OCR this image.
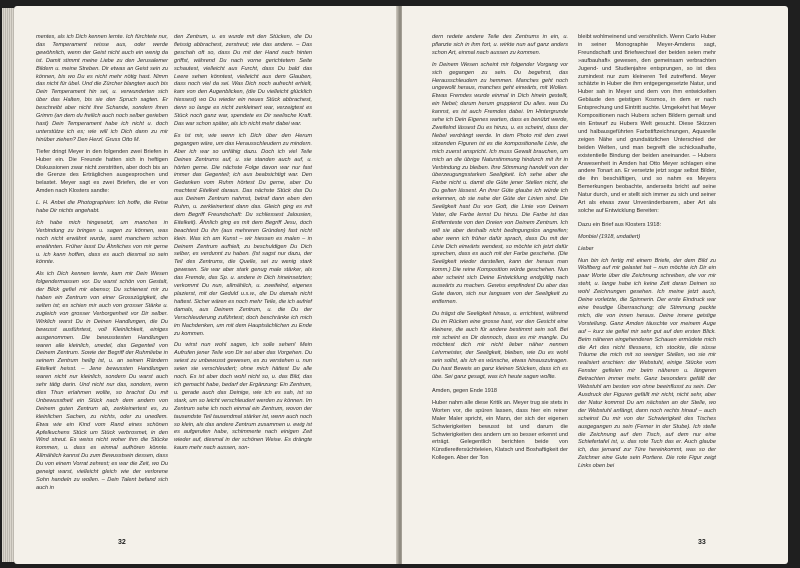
mentes, als ich Dich kennen lernte. Ich fürchtete nur, das Temperament reisse aus, oder werde gewöhnlich, wenn der Geist nicht auch ein wenig da ist. Damit stimmt meine Liebe zu den Jerusalemer Bildern u. meine Streben. Dir etwas an Geist sein zu können, bis wo Du es nicht mehr nötig hast. Nimm das nicht für übel. Und die Zürcher blangten auch bis Dein Temperament hin sei, u. verwunderten sich über das Halten, bis sie den Spruch sagten. Er beschreibt aber nicht ihre Schande, sondern ihren Grimm (an dem du freilich auch noch selber gerieben hast) Dein Temperament habe ich nicht u. doch unterstütze ich es; wie will ich Dich dann zu mir hinüber ziehen? Den Herzl. Gruss Otto M.

Tiefer dringt Meyer in den folgenden zwei Briefen in Huber ein. Die Freunde hatten sich in heftigen Diskussionen zwar nicht zerstritten, aber doch bis an die Grenze des Erträglichen ausgesprochen und belastet. Meyer sagt es zwei Briefen, die er von Amden nach Klosters sandte:

L. H. Anbei die Photographien: Ich hoffe, die Reise habe Dir nichts angehabt.

Ich habe mich hingesetzt, um manches in Verbindung zu bringen u. sagen zu können, was noch nicht erwähnt wurde, samt manchem schon erwähnten. Früher lasst Du Ähnliches von mir gerne u. ich kann hoffen, dass es auch diesmal so sein könnte.

Als ich Dich kennen lernte, kam mir Dein Wesen folgendermassen vor. Du warst schön von Gestalt, der Blick gefiel mir ebenso; Du schienest mir zu haben ein Zentrum von einer Grosszügigkeit, die selten ist; es schien mir auch von grosser Stärke u. zugleich von grosser Verborgenheit vor Dir selber. Wirklich warst Du in Deinen Handlungen, die Du bewusst ausführtest, voll Kleinlichkeit, einiges ausgenommen. Die bewusstesten Handlungen waren alle kleinlich, unedel, das Gegenteil von Deinem Zentrum. Sowie der Begriff der Ruhmliebe in seinem Zentrum heilig ist, u. an seinen Rändern Eitelkeit heisst. – Jene bewussten Handlungen waren nicht nur kleinlich, sondern Du warst auch sehr tätig darin. Und nicht nur das, sondern, wenn dies Thun erlahmen wollte, so brachst Du mit Unbewusstheit ein Stück nach dem andern von Deinem guten Zentrum ab, zerkleinertest es, zu kleinlichen Sachen, zu nichts, oder zu unedlem. Etwa wie ein Kind vom Rand eines schönen Apfelkuchens Stück um Stück verbrosmet, in den Wind streut. Es weiss nicht woher ihm die Stücke kommen, u. dass es einmal aufhören könnte. Allmählich kannst Du zum Bewusstsein dessen, dass Du von einem Vorrat zehrest; es war die Zeit, wo Du geneigt warst, vielleicht gleich wie der verlorene Sohn handeln zu wollen. – Dein Talent befand sich auch in

den Zentrum, u. es wurde mit den Stücken, die Du fleissig abbrachest, zerstreut; wie das andere. – Das geschah oft so, dass Du mit der Hand nach hinten griffst, während Du nach vorne gerichtetem Seite schautest, vielleicht aus Furcht, dass Du bald das Leere sehen könntest, vielleicht aus dem Glauben, dass noch viel da sei. Was Dich noch aufrecht erhielt, kam von den Augenblicken, (die Du vielleicht glücklich hiessest) wo Du wieder ein neues Stück abbrachest, denn so lange es nicht zerkleinert war, verzeigtest es Stück noch ganz war, spendete es Dir seelische Kraft. Das war schon später, als ich nicht mehr dabei war.

Es ist mir, wie wenn ich Dich über den Herum gegangen wäre, um das Herausschleudern zu mindern. Aber ich war so unfähig dazu. Doch ich viel Teile Deines Zentrums auf, u. sie standen auch auf, u. hörten gerne. Die nächste Folge davon war nur fast immer das Gegenteil; ich aus beabsichtigt war. Den Gedanken vom Ruhm hörtest Du gerne, aber Du machtest Eitelkeit daraus. Das nächste Stück das Du aus Deinem Zentrum nahmst, betraf dann eben den Ruhm, u. zerkleinertest dann das. Gleich ging es mit dem Begriff Freundschaft: Du schliessest Jalousien, Eitelkeit). Ähnlich ging es mit dem Begriff Jesu, doch beachtest Du ihn (aus mehreren Gründen) fast nicht klein. Was ich am Kunst – wir hiessen es malen – in Deinem Zentrum aufhielt, zu beschuldigen Du Dich selber, es verdunnt zu haben. (Ist sagst nur dazu, der Teil des Zentrums, die Quelle, sei zu wenig stark gewesen. Sie war aber stark genug male stärker, als das Fremde, das Sp. u. andere in Dich hineinsetzten; verkommt Du nun, allmählich, u. zweifelnd, eigenes plazierst, mit der Geduld u.s.w., die Du damals nicht hattest. Sicher wären es noch mehr Teile, die ich aufrief damals, aus Deinem Zentrum, u. die Du der Verschleuderung zuführtest; doch beschränke ich mich im Nachdenken, um mit dem Hauptsächlichen zu Ende zu kommen.

Du wirst nun wohl sagen, ich solle sehen! Mein Aufrufen jener Teile von Dir sei aber das Vorgehen. Du seiest zu unbewusst gewesen, es zu verstehen u. nun seien sie verschleudert; ohne mich hättest Du alle noch. Es ist aber doch wohl nicht so, u. das Bild, das ich gemacht habe, bedarf der Ergänzung: Ein Zentrum, u. gerade auch das Deinige, wie ich es sah, ist so stark, um so leicht verschleudert werden zu können. Im Zentrum sehe ich noch einmal ein Zentrum, wovon der tausendste Teil tausendmal stärker ist, wenn auch noch so klein, als das andere Zentrum zusammen u. ewig ist es aufgerufen habe, schimmerte nach einigen Zeit wieder auf, diesmal in der schönen Weise. Es drängte kaum mehr nach aussen, son-

32

dern redete andere Teile des Zentrums in ein, u. pflanzte sich in ihm fort, u. wirkte nun auf ganz anders schon Art, einmal nach aussen zu kommen.

In Deinem Wesen scheint mir folgender Vorgang vor sich gegangen zu sein. Du begehrst, das Herausschleudern zu hemmen. Manches geht noch ungewollt heraus, manches geht einwärts, mit Wollen. Etwas Fremdes wurde einmal in Dich hinein gestellt, ein Nebel; darum herum gruppierst Du alles. was Du kannst, es ist auch Fremdes dabei. Im Hintergrunde sehe ich Dein Eigenes warten, dass es benützt werde, Zweifelnd lässest Du es hinzu, u. es scheint, dass der Nebel verdrängt werde. In dem Photo mit den zwei sitzenden Figuren ist es die kompositionelle Linie, die mich zuerst anspricht. Ich muss Gewalt brauchen, um mich an die übrige Naturstimmung hindurch mit ihr in Verbindung zu bleiben. Ihre Stimmung handelt von der überzeugungsstarken Seeligkeit. Ich sehe aber die Farbe nicht u. damit die Güte jener Stellen nicht, die Du gelten lässest. An ihrer Güte glaube ich würde ich erkennen, ob sie nahe der Güte der Linien sind. Die Seeligkeit hast Du von Gott, die Linie von Deinem Vater, die Farbe lernst Du hinzu. Die Farbe ist das Entfernteste von den Dreien von Deinem Zentrum. Ich will sie aber deshalb nicht bedingungslos angreifen; aber wenn ich früher dafür sprach, dass Du mit der Linie Dich einwärts wendest, so möchte ich jetzt dafür sprechen, dass es auch mit der Farbe geschehe. (Die Seeligkeit wieder darstellen, kann der heraus man komm.) Die reine Komposition würde geschehen. Nun aber scheint sich Deine Entwicklung endgültig nach auswärts zu machen. Gewiss empfindest Du aber das Gute davon, sich nur langsam von der Seeligkeit zu entfernen.

Du trägst die Seeligkeit hinaus, u. errichtest, während Du im Rücken eine grosse hast, vor den Gesicht eine kleinere, die auch für andere bestimmt sein soll. Bei mir scheint es Dir dennoch, dass es mir mangle. Du möchtest dich mir nicht lieber näher nennen Lehrmeister, der Seeligkeit, bleiben, wie Du es wohl sein sollst, als ich es wünsche, etwas hinauszutragen. Du hast Beweis an ganz kleinen Stücken, dass ich es übe. Sei ganz gesagt, was ich heute sagen wollte.

Amden, gegen Ende 1918

Huber nahm alle diese Kritik an. Meyer trug sie stets in Worten vor, die spüren lassen, dass hier ein reiner Maler Maler spricht, ein Mann, der sich der eigenen Schwierigkeiten bewusst ist und darum die Schwierigkeiten des andern um so besser erkennt und erträgt. Gelegentlich berichten beide von Künstlereifersüchteleien, Klatsch und Boshaftigkeit der Kollegen. Aber der Ton

bleibt wohlmeinend und versöhnlich. Wenn Carlo Huber in seiner Monographie Meyer-Amdens sagt, Freundschaft und Briefwechsel der beiden seien mehr »aufbauhaft« gewesen, den gemeinsam verbrachten Jugend- und Studienjahre entsprungen, so ist dies zumindest nur zum kleineren Teil zutreffend. Meyer schätzte in Huber die ihm entgegengesetzte Natur, und Huber sah in Meyer und dem von ihm entwickelten Gebäude den geistigen Kosmos, in dem er nach Entsprechung und Eintritt suchte. Umgekehrt hat Meyer Kompositionen nach Hubers schen Bildern gemalt und ein Entwurf zu Hubers Welt gesucht. Diese Skizzen und halbausgeführten Farbstiftzeichnungen, Aquarelle zeigen Nähe und grundsätzlichen Unterschied der beiden Welten, und man begreift die schicksalhafte, existentielle Bindung der beiden aneinander. – Hubers Anwesenheit in Amden hat Otto Meyer schlagen eine andere Tonart an. Er versetzte jetzt sogar selbst Bilder, die ihn beschäftigen, und so nahm es Meyers Bemerkungen beobachte, anderseits bricht auf seine Natur durch, und er stellt sich immer zu sich und seiner Art als etwas zwar Unveränderbarem, aber Art als solche auf Entwicklung Bereiten:

Dazu ein Brief aus Klosters 1918:

Monbiel (1918, undatiert)

Lieber

Nun bin ich fertig mit einem Briefe, der dem Bild zu Wolfberg auf mir gelastet hat – nun möchte ich Dir ein paar Worte über die Zeichnung schreiben, die vor mir steht, u. lange habe ich keine Zeit daran Deinen so wohl Zeichnungen gesehen. Ich meine jetzt auch, Deine vorletzte, die Spinnerin. Der erste Eindruck war eine freudige Überraschung; die Stimmung packte mich, die von innen heraus. Deine innere geistige Vorstellung. Ganz Amden täuschte vor meinem Auge auf – kurz sie gefiel mir sehr gut auf den ersten Blick. Beim näheren eingehenderen Schauen ermüdete mich die Art des nicht fliessens, ich stockte, die süsse Träume die mich mit so weniger Stellen, wo sie mir realisiert erschien: der Webstuhl, einige Stücke vom Fenster gefielen mir beim näheren u. längeren Betrachten immer mehr. Ganz besonders gefällt der Webstuhl am besten von ohne beeinflusst zu sein. Der Ausdruck der Figuren gefällt mir nicht, nicht sehr, aber der Natur kommst Du am nächsten an der Stelle, wo der Webstuhl anfängt, dann noch rechts hinauf – auch scheinst Du mir von der Schwierigkeit des Tisches ausgegangen zu sein (Ferner in der Stube). Ich stelle die Zeichnung auf den Tisch, auf dem nur eine Schiefertafel ist, u. das rote Tuch das er. Auch glaube ich, das jemand zur Türe hereinkommt, was so der Zeichner eine Gute sein Portiere. Die rote Figur zeigt Links oben bei

33
